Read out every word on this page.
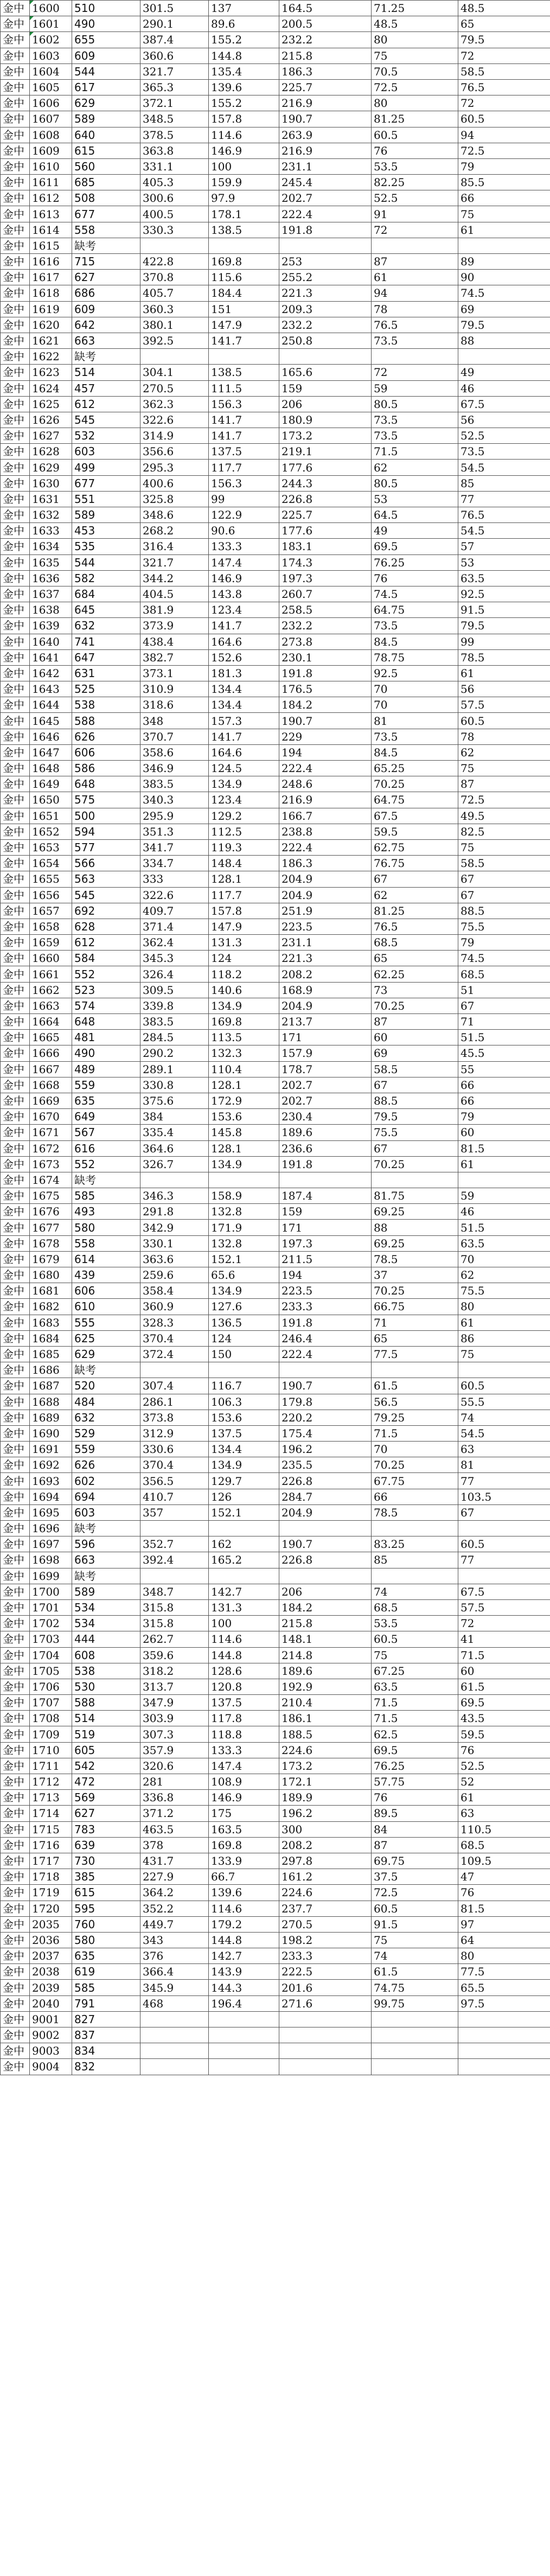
金中	1600	510	301.5	137	164.5	71.25	48.5
金中	1601	490	290.1	89.6	200.5	48.5	65
金中	1602	655	387.4	155.2	232.2	80	79.5
金中	1603	609	360.6	144.8	215.8	75	72
金中	1604	544	321.7	135.4	186.3	70.5	58.5
金中	1605	617	365.3	139.6	225.7	72.5	76.5
金中	1606	629	372.1	155.2	216.9	80	72
金中	1607	589	348.5	157.8	190.7	81.25	60.5
金中	1608	640	378.5	114.6	263.9	60.5	94
金中	1609	615	363.8	146.9	216.9	76	72.5
金中	1610	560	331.1	100	231.1	53.5	79
金中	1611	685	405.3	159.9	245.4	82.25	85.5
金中	1612	508	300.6	97.9	202.7	52.5	66
金中	1613	677	400.5	178.1	222.4	91	75
金中	1614	558	330.3	138.5	191.8	72	61
金中	1615	缺考					
金中	1616	715	422.8	169.8	253	87	89
金中	1617	627	370.8	115.6	255.2	61	90
金中	1618	686	405.7	184.4	221.3	94	74.5
金中	1619	609	360.3	151	209.3	78	69
金中	1620	642	380.1	147.9	232.2	76.5	79.5
金中	1621	663	392.5	141.7	250.8	73.5	88
金中	1622	缺考					
金中	1623	514	304.1	138.5	165.6	72	49
金中	1624	457	270.5	111.5	159	59	46
金中	1625	612	362.3	156.3	206	80.5	67.5
金中	1626	545	322.6	141.7	180.9	73.5	56
金中	1627	532	314.9	141.7	173.2	73.5	52.5
金中	1628	603	356.6	137.5	219.1	71.5	73.5
金中	1629	499	295.3	117.7	177.6	62	54.5
金中	1630	677	400.6	156.3	244.3	80.5	85
金中	1631	551	325.8	99	226.8	53	77
金中	1632	589	348.6	122.9	225.7	64.5	76.5
金中	1633	453	268.2	90.6	177.6	49	54.5
金中	1634	535	316.4	133.3	183.1	69.5	57
金中	1635	544	321.7	147.4	174.3	76.25	53
金中	1636	582	344.2	146.9	197.3	76	63.5
金中	1637	684	404.5	143.8	260.7	74.5	92.5
金中	1638	645	381.9	123.4	258.5	64.75	91.5
金中	1639	632	373.9	141.7	232.2	73.5	79.5
金中	1640	741	438.4	164.6	273.8	84.5	99
金中	1641	647	382.7	152.6	230.1	78.75	78.5
金中	1642	631	373.1	181.3	191.8	92.5	61
金中	1643	525	310.9	134.4	176.5	70	56
金中	1644	538	318.6	134.4	184.2	70	57.5
金中	1645	588	348	157.3	190.7	81	60.5
金中	1646	626	370.7	141.7	229	73.5	78
金中	1647	606	358.6	164.6	194	84.5	62
金中	1648	586	346.9	124.5	222.4	65.25	75
金中	1649	648	383.5	134.9	248.6	70.25	87
金中	1650	575	340.3	123.4	216.9	64.75	72.5
金中	1651	500	295.9	129.2	166.7	67.5	49.5
金中	1652	594	351.3	112.5	238.8	59.5	82.5
金中	1653	577	341.7	119.3	222.4	62.75	75
金中	1654	566	334.7	148.4	186.3	76.75	58.5
金中	1655	563	333	128.1	204.9	67	67
金中	1656	545	322.6	117.7	204.9	62	67
金中	1657	692	409.7	157.8	251.9	81.25	88.5
金中	1658	628	371.4	147.9	223.5	76.5	75.5
金中	1659	612	362.4	131.3	231.1	68.5	79
金中	1660	584	345.3	124	221.3	65	74.5
金中	1661	552	326.4	118.2	208.2	62.25	68.5
金中	1662	523	309.5	140.6	168.9	73	51
金中	1663	574	339.8	134.9	204.9	70.25	67
金中	1664	648	383.5	169.8	213.7	87	71
金中	1665	481	284.5	113.5	171	60	51.5
金中	1666	490	290.2	132.3	157.9	69	45.5
金中	1667	489	289.1	110.4	178.7	58.5	55
金中	1668	559	330.8	128.1	202.7	67	66
金中	1669	635	375.6	172.9	202.7	88.5	66
金中	1670	649	384	153.6	230.4	79.5	79
金中	1671	567	335.4	145.8	189.6	75.5	60
金中	1672	616	364.6	128.1	236.6	67	81.5
金中	1673	552	326.7	134.9	191.8	70.25	61
金中	1674	缺考					
金中	1675	585	346.3	158.9	187.4	81.75	59
金中	1676	493	291.8	132.8	159	69.25	46
金中	1677	580	342.9	171.9	171	88	51.5
金中	1678	558	330.1	132.8	197.3	69.25	63.5
金中	1679	614	363.6	152.1	211.5	78.5	70
金中	1680	439	259.6	65.6	194	37	62
金中	1681	606	358.4	134.9	223.5	70.25	75.5
金中	1682	610	360.9	127.6	233.3	66.75	80
金中	1683	555	328.3	136.5	191.8	71	61
金中	1684	625	370.4	124	246.4	65	86
金中	1685	629	372.4	150	222.4	77.5	75
金中	1686	缺考					
金中	1687	520	307.4	116.7	190.7	61.5	60.5
金中	1688	484	286.1	106.3	179.8	56.5	55.5
金中	1689	632	373.8	153.6	220.2	79.25	74
金中	1690	529	312.9	137.5	175.4	71.5	54.5
金中	1691	559	330.6	134.4	196.2	70	63
金中	1692	626	370.4	134.9	235.5	70.25	81
金中	1693	602	356.5	129.7	226.8	67.75	77
金中	1694	694	410.7	126	284.7	66	103.5
金中	1695	603	357	152.1	204.9	78.5	67
金中	1696	缺考					
金中	1697	596	352.7	162	190.7	83.25	60.5
金中	1698	663	392.4	165.2	226.8	85	77
金中	1699	缺考					
金中	1700	589	348.7	142.7	206	74	67.5
金中	1701	534	315.8	131.3	184.2	68.5	57.5
金中	1702	534	315.8	100	215.8	53.5	72
金中	1703	444	262.7	114.6	148.1	60.5	41
金中	1704	608	359.6	144.8	214.8	75	71.5
金中	1705	538	318.2	128.6	189.6	67.25	60
金中	1706	530	313.7	120.8	192.9	63.5	61.5
金中	1707	588	347.9	137.5	210.4	71.5	69.5
金中	1708	514	303.9	117.8	186.1	71.5	43.5
金中	1709	519	307.3	118.8	188.5	62.5	59.5
金中	1710	605	357.9	133.3	224.6	69.5	76
金中	1711	542	320.6	147.4	173.2	76.25	52.5
金中	1712	472	281	108.9	172.1	57.75	52
金中	1713	569	336.8	146.9	189.9	76	61
金中	1714	627	371.2	175	196.2	89.5	63
金中	1715	783	463.5	163.5	300	84	110.5
金中	1716	639	378	169.8	208.2	87	68.5
金中	1717	730	431.7	133.9	297.8	69.75	109.5
金中	1718	385	227.9	66.7	161.2	37.5	47
金中	1719	615	364.2	139.6	224.6	72.5	76
金中	1720	595	352.2	114.6	237.7	60.5	81.5
金中	2035	760	449.7	179.2	270.5	91.5	97
金中	2036	580	343	144.8	198.2	75	64
金中	2037	635	376	142.7	233.3	74	80
金中	2038	619	366.4	143.9	222.5	61.5	77.5
金中	2039	585	345.9	144.3	201.6	74.75	65.5
金中	2040	791	468	196.4	271.6	99.75	97.5
金中	9001	827					
金中	9002	837					
金中	9003	834					
金中	9004	832					
